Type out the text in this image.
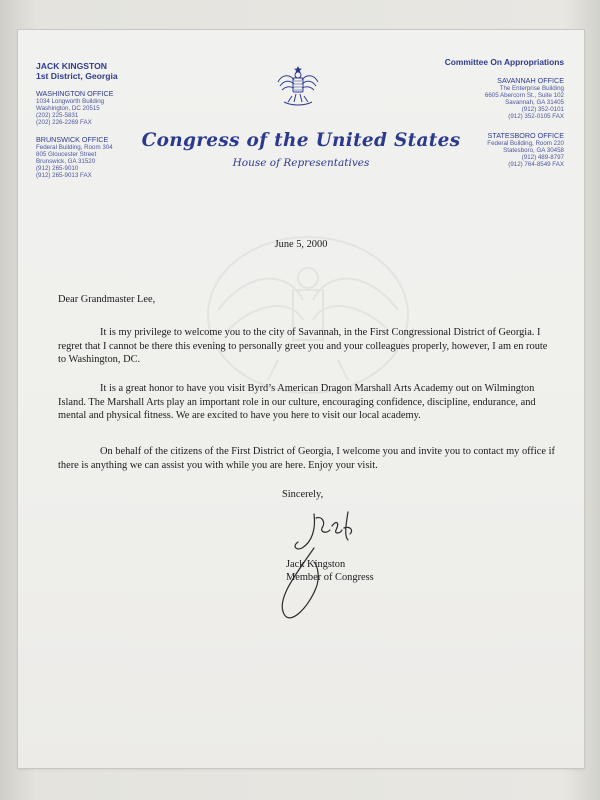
JACK KINGSTON
1st District, Georgia
WASHINGTON OFFICE
1034 Longworth Building
Washington, DC 20515
(202) 225-5831
(202) 226-2269 FAX
BRUNSWICK OFFICE
Federal Building, Room 304
805 Gloucester Street
Brunswick, GA 31520
(912) 265-9010
(912) 265-9013 FAX
Committee On Appropriations
SAVANNAH OFFICE
The Enterprise Building
6605 Abercorn St., Suite 102
Savannah, GA 31405
(912) 352-0101
(912) 352-0105 FAX
STATESBORO OFFICE
Federal Building, Room 220
Statesboro, GA 30458
(912) 489-8797
(912) 764-8549 FAX
Congress of the United States
House of Representatives
June 5, 2000
Dear Grandmaster Lee,
It is my privilege to welcome you to the city of Savannah, in the First Congressional District of Georgia. I regret that I cannot be there this evening to personally greet you and your colleagues properly, however, I am en route to Washington, DC.
It is a great honor to have you visit Byrd’s American Dragon Marshall Arts Academy out on Wilmington Island. The Marshall Arts play an important role in our culture, encouraging confidence, discipline, endurance, and mental and physical fitness. We are excited to have you here to visit our local academy.
On behalf of the citizens of the First District of Georgia, I welcome you and invite you to contact my office if there is anything we can assist you with while you are here. Enjoy your visit.
Sincerely,
Jack Kingston
Member of Congress
